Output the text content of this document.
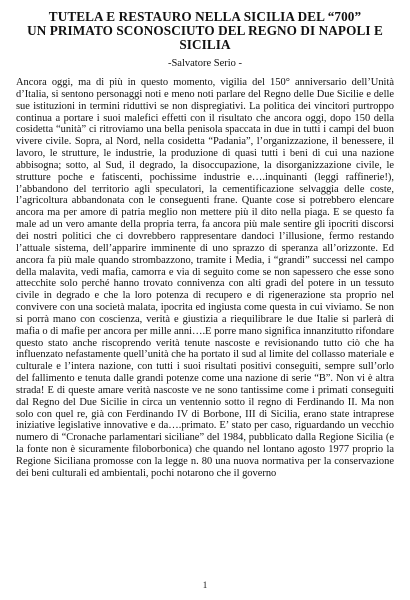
TUTELA E RESTAURO NELLA SICILIA DEL “700”
UN PRIMATO SCONOSCIUTO DEL REGNO DI NAPOLI E SICILIA
-Salvatore Serio -

Ancora oggi, ma di più in questo momento, vigilia del 150° anniversario dell’Unità d’Italia, si sentono personaggi noti e meno noti parlare del Regno delle Due Sicilie e delle sue istituzioni in termini riduttivi se non dispregiativi. La politica dei vincitori purtroppo continua a portare i suoi malefici effetti con il risultato che ancora oggi, dopo 150 della cosidetta “unità” ci ritroviamo una bella penisola spaccata in due in tutti i campi del buon vivere civile. Sopra, al Nord, nella cosidetta “Padania”, l’organizzazione, il benessere, il lavoro, le strutture, le industrie, la produzione di quasi tutti i beni di cui una nazione abbisogna; sotto, al Sud, il degrado, la disoccupazione, la disorganizzazione civile, le strutture poche e fatiscenti, pochissime industrie e….inquinanti (leggi raffinerie!), l’abbandono del territorio agli speculatori, la cementificazione selvaggia delle coste, l’agricoltura abbandonata con le conseguenti frane. Quante cose si potrebbero elencare ancora ma per amore di patria meglio non mettere più il dito nella piaga. E se questo fa male ad un vero amante della propria terra, fa ancora più male sentire gli ipocriti discorsi dei nostri politici che ci dovrebbero rappresentare dandoci l’illusione, fermo restando l’attuale sistema, dell’apparire imminente di uno sprazzo di speranza all’orizzonte. Ed ancora fa più male quando strombazzono, tramite i Media, i “grandi” successi nel campo della malavita, vedi mafia, camorra e via di seguito come se non sapessero che esse sono attecchite solo perché hanno trovato connivenza con alti gradi del potere in un tessuto civile in degrado e che la loro potenza di recupero e di rigenerazione sta proprio nel convivere con una società malata, ipocrita ed ingiusta come questa in cui viviamo. Se non si porrà mano con coscienza, verità e giustizia a riequilibrare le due Italie si parlerà di mafia o di mafie per ancora per mille anni….E porre mano significa innanzitutto rifondare questo stato anche riscoprendo verità tenute nascoste e revisionando tutto ciò che ha influenzato nefastamente quell’unità che ha portato il sud al limite del collasso materiale e culturale e l’intera nazione, con tutti i suoi risultati positivi conseguiti, sempre sull’orlo del fallimento e tenuta dalle grandi potenze come una nazione di serie “B”. Non vi è altra strada! E di queste amare verità nascoste ve ne sono tantissime come i primati conseguiti dal Regno del Due Sicilie in circa un ventennio sotto il regno di Ferdinando II. Ma non solo con quel re, già con Ferdinando IV di Borbone, III di Sicilia, erano state intraprese iniziative legislative innovative e da….primato. E’ stato per caso, riguardando un vecchio numero di “Cronache parlamentari siciliane” del 1984, pubblicato dalla Regione Sicilia (e la fonte non è sicuramente filoborbonica) che quando nel lontano agosto 1977 proprio la Regione Siciliana promosse con la legge n. 80 una nuova normativa per la conservazione dei beni culturali ed ambientali, pochi notarono che il governo

1
